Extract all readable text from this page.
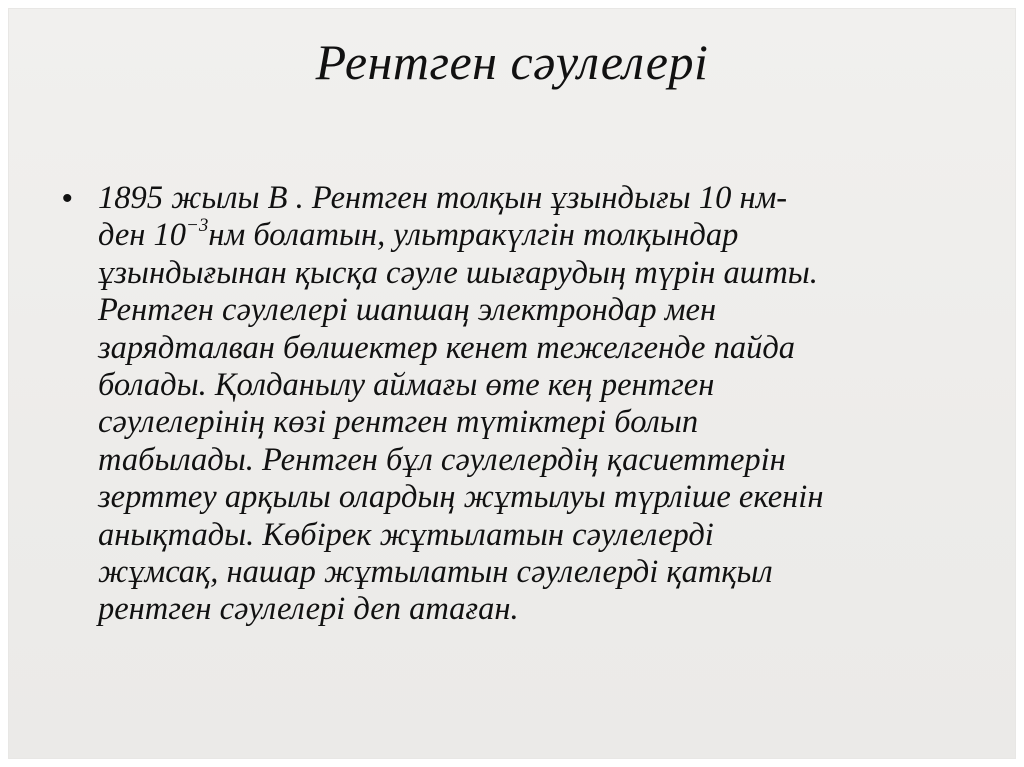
Рентген сәулелері
• 1895 жылы В . Рентген толқын ұзындығы 10 нм-
ден $10^{-3}нм$ болатын, ультракүлгін толқындар
ұзындығынан қысқа сәуле шығарудың түрін ашты.
Рентген сәулелері шапшаң электрондар мен
зарядталван бөлшектер кенет тежелгенде пайда
болады. Қолданылу аймағы өте кең рентген
сәулелерінің көзі рентген түтіктері болып
табылады. Рентген бұл сәулелердің қасиеттерін
зерттеу арқылы олардың жұтылуы түрліше екенін
анықтады. Көбірек жұтылатын сәулелерді
жұмсақ, нашар жұтылатын сәулелерді қатқыл
рентген сәулелері деп атаған.
